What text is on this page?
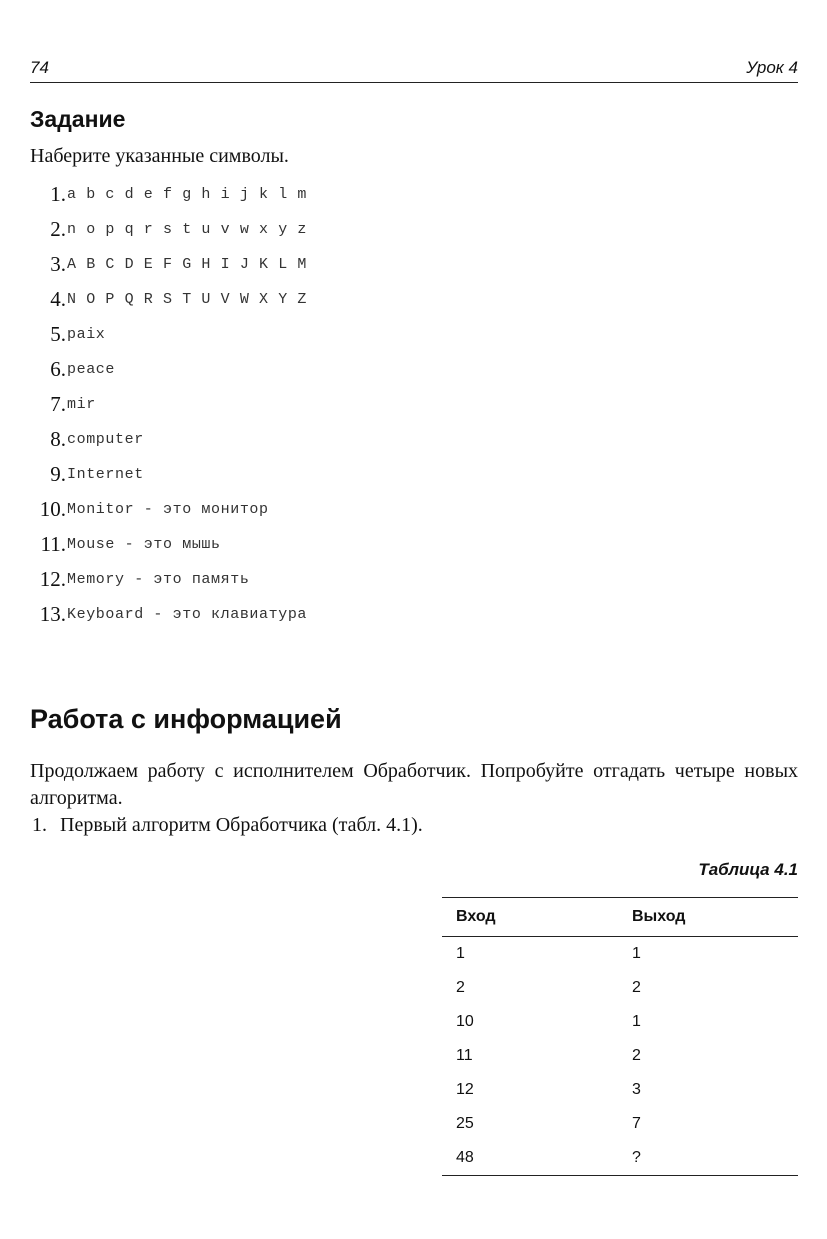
74	Урок 4
Задание

Наберите указанные символы.

1. a b c d e f g h i j k l m
2. n o p q r s t u v w x y z
3. A B C D E F G H I J K L M
4. N O P Q R S T U V W X Y Z
5. paix
6. peace
7. mir
8. computer
9. Internet
10. Monitor - это монитор
11. Mouse - это мышь
12. Memory - это память
13. Keyboard - это клавиатура
Работа с информацией

Продолжаем работу с исполнителем Обработчик. Попробуйте отгадать четыре новых алгоритма.

1. Первый алгоритм Обработчика (табл. 4.1).

Таблица 4.1
Вход	Выход
1	1
2	2
10	1
11	2
12	3
25	7
48	?
